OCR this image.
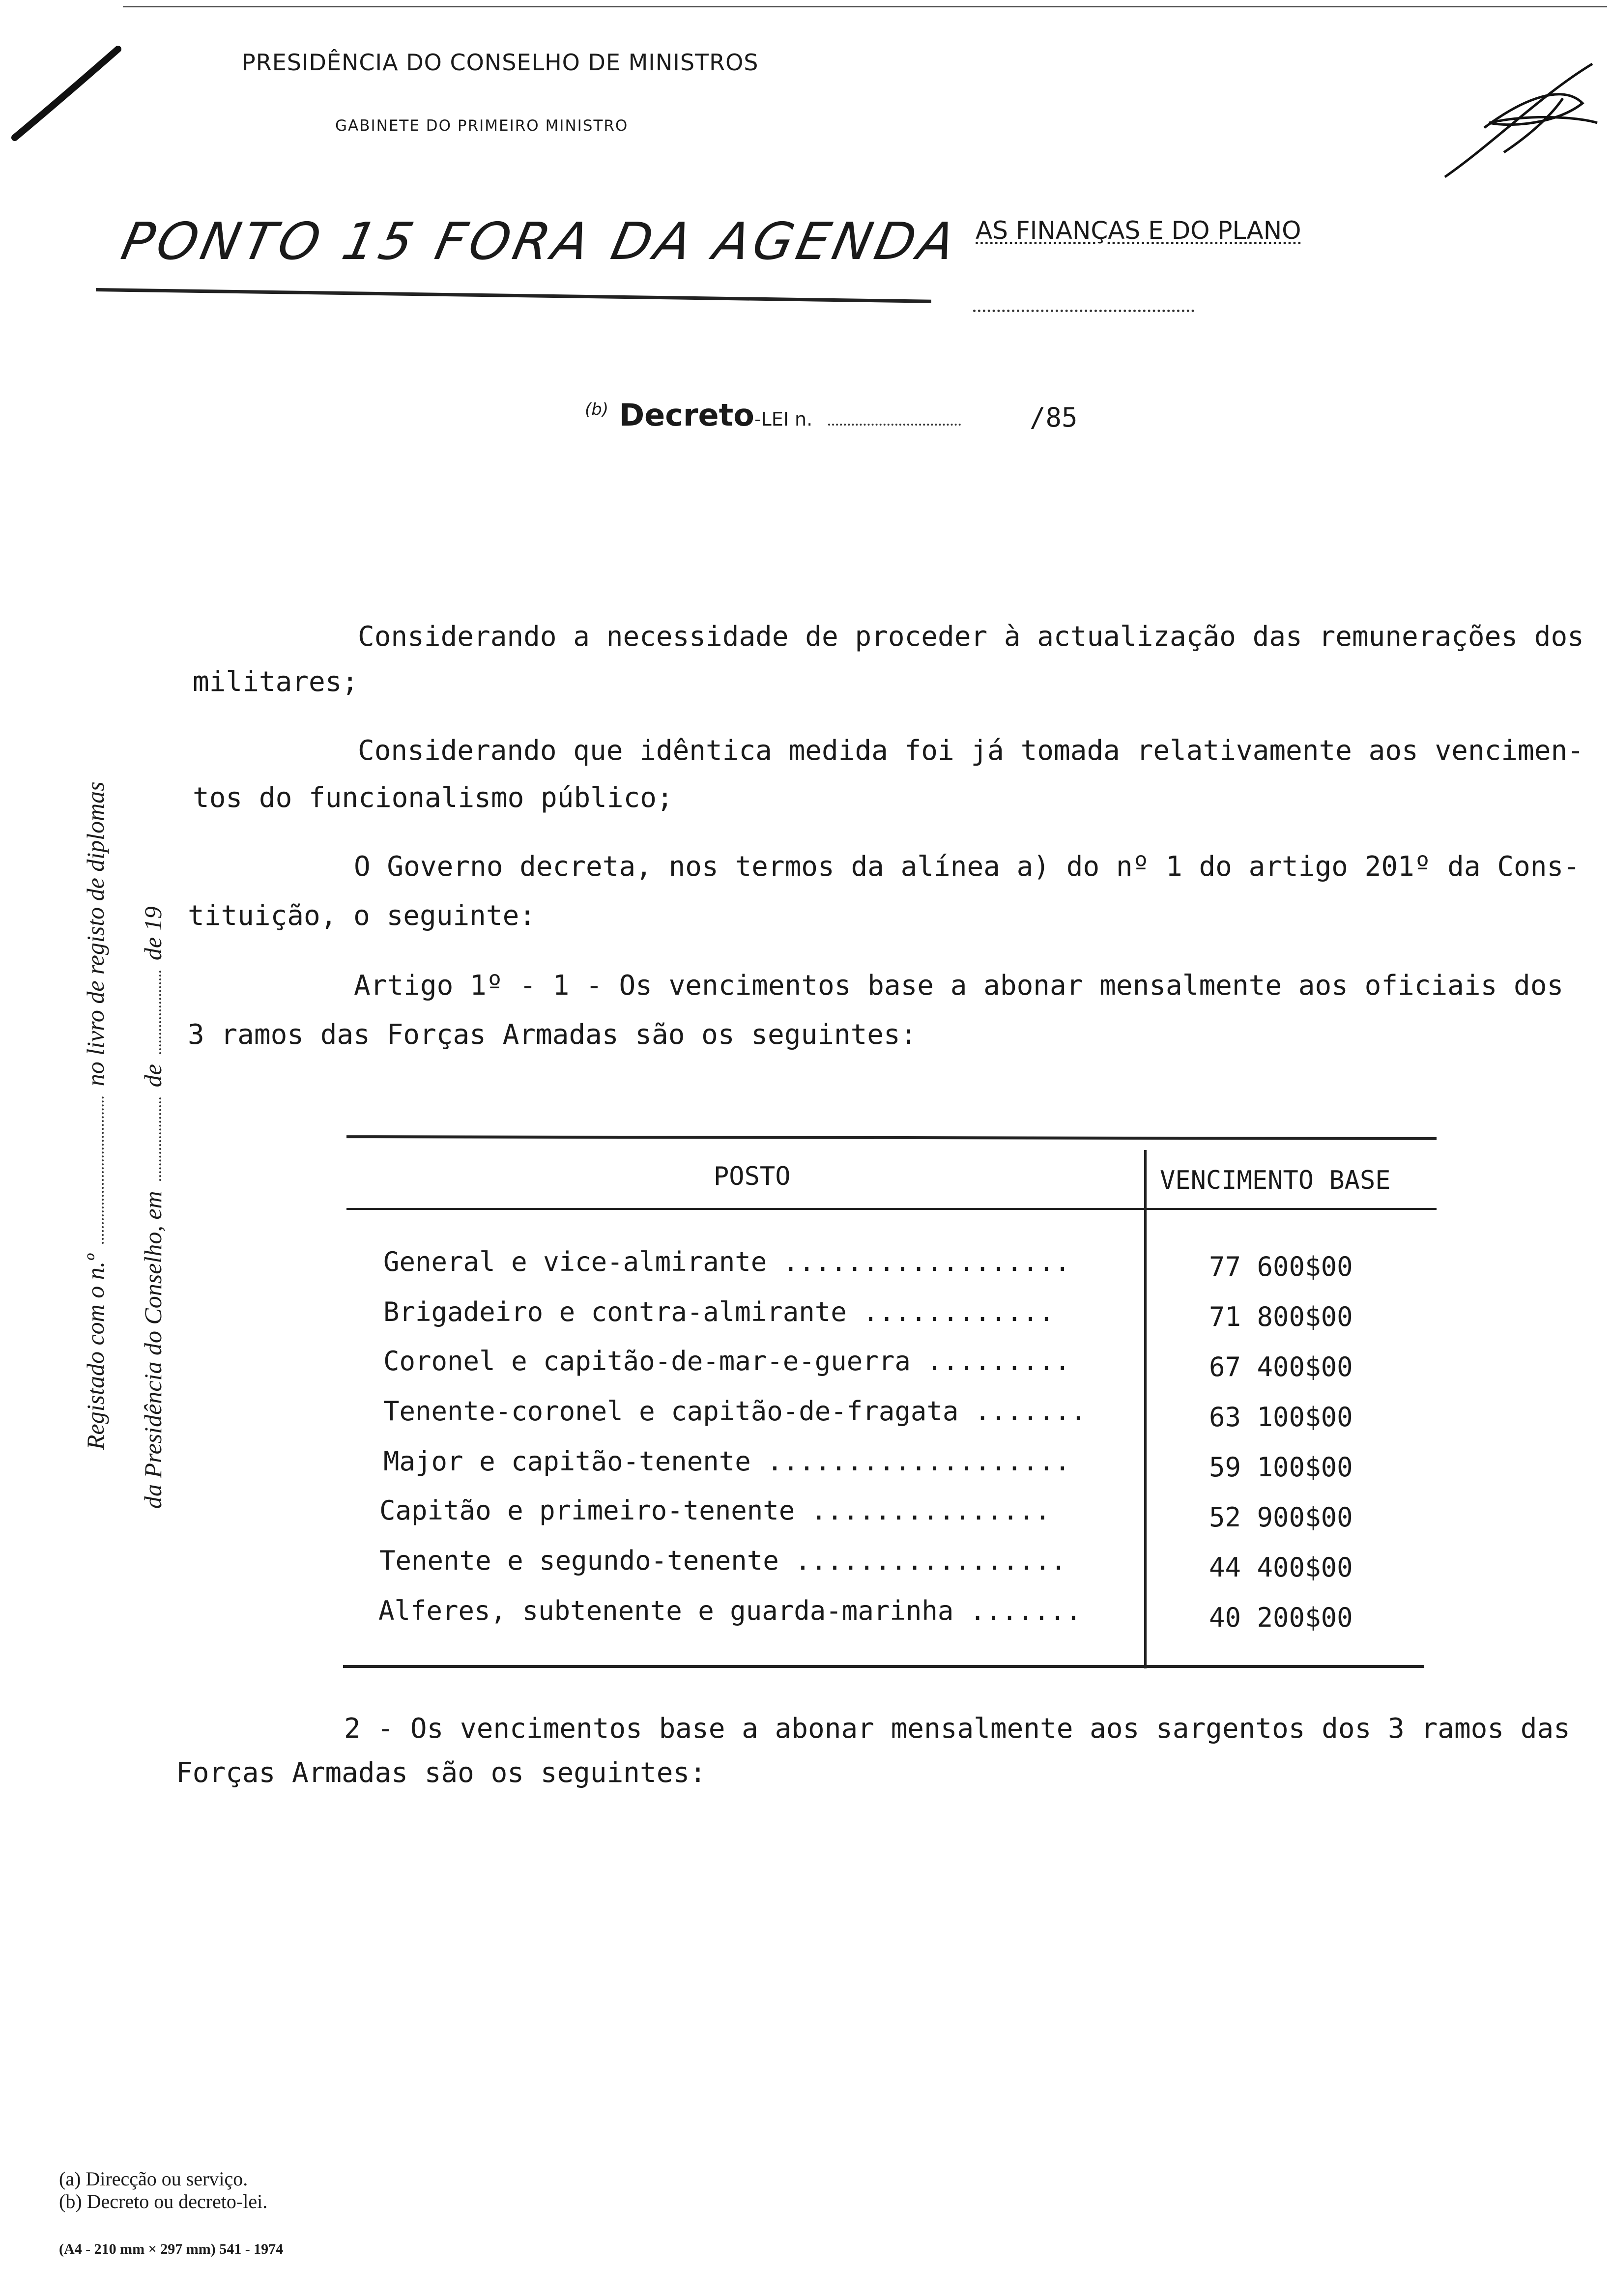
PRESIDÊNCIA DO CONSELHO DE MINISTROS
GABINETE DO PRIMEIRO MINISTRO
PONTO 15 FORA DA AGENDA AS FINANÇAS E DO PLANO
$^{(b)}$ Decreto-LEI n.	/85
Registado com o n.º  no livro de registo de diplomas
da Presidência do Conselho, em  de  de 19
Considerando a necessidade de proceder à actualização das remunerações dos
militares;
Considerando que idêntica medida foi já tomada relativamente aos vencimen-
tos do funcionalismo público;
O Governo decreta, nos termos da alínea a) do nº 1 do artigo 201º da Cons-
tituição, o seguinte:
Artigo 1º - 1 - Os vencimentos base a abonar mensalmente aos oficiais dos
3 ramos das Forças Armadas são os seguintes:
POSTO	VENCIMENTO BASE
General e vice-almirante ..................	77 600$00
Brigadeiro e contra-almirante ............	71 800$00
Coronel e capitão-de-mar-e-guerra .........	67 400$00
Tenente-coronel e capitão-de-fragata .......	63 100$00
Major e capitão-tenente ...................	59 100$00
Capitão e primeiro-tenente ...............	52 900$00
Tenente e segundo-tenente .................	44 400$00
Alferes, subtenente e guarda-marinha .......	40 200$00
2 - Os vencimentos base a abonar mensalmente aos sargentos dos 3 ramos das
Forças Armadas são os seguintes:
(a) Direcção ou serviço.
(b) Decreto ou decreto-lei.
(A4 - 210 mm × 297 mm) 541 - 1974
